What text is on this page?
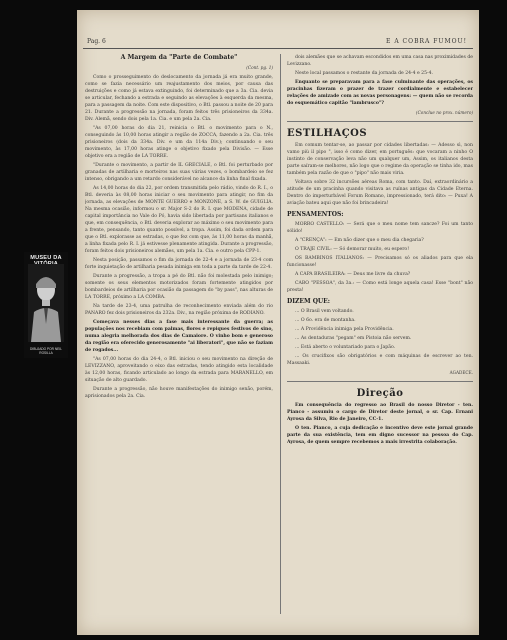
MUSEU DA
DIBUJADO POR NEIL ROSILLA
Pag. 6	E A COBRA FUMOU!
À Margem da "Parte de Combate"
(Cont. pg. 1)

Como o prosseguimento do deslocamento da jornada já era muito grande, como se fazia necessário um reajustamento dos meios, por causa das destruições e como já estava extinguindo, foi determinado que a 3a. Cia. devia se articular, fechando a estrada e seguindo as elevações à esquerda da mesma, para a passagem da noite. Com este dispositivo, o Btl. passou a noite de 20 para 21. Durante a progressão na jornada, foram feitos três prisioneiros da 334a. Div. Alemã, sendo dois pela 1a. Cia. e um pela 2a. Cia.

"As 07,00 horas do dia 21, reinicia o Btl. o movimento para o N., conseguindo às 10,00 horas atingir a região de ZOCCA, fazendo a 2a. Cia. três prisioneiros (dois da 334a. Div. e um da 114a Div.); continuando o seu movimento, às 17,00 horas atinge o objetivo fixado pela Divisão. — Esse objetivo era a região de LA TORRE.

"Durante o movimento, a partir de IL GRECIALE, o Btl. foi perturbado por granadas de artilharia e morteiros nas suas várias vezes, o bombardeio se fez intenso, obrigando a um retardo considerável no alcance da linha final fixada.

As 14,00 horas do dia 22, por ordem transmitida pelo rádio, vindo do R. I., o Btl. deveria às 08,00 horas iniciar o seu movimento para atingir, no fim da jornada, as elevações de MONTE GUERRO e MONZONE, a S. W. de GUIGLIA. Na mesma ocasião, informou o sr. Major S-2 do R. I. que MODENA, cidade de capital importância no Vale do Pó, havia sido libertada por partisans italianos e que, em consequência, o Btl. deveria explorar ao máximo o seu movimento para a frente, pensando, tanto quanto possível, a tropa. Assim, foi dada ordem para que o Btl. explorasse as estradas, o que fez com que, às 11,00 horas da manhã, a linha fixada pelo R. I. já estivesse plenamente atingida. Durante a progressão, foram feitos dois prisioneiros alemães, um pela 1a. Cia. e outro pela CPP-1.

Nesta posição, passamos o fim da jornada de 22-4 e a jornada de 23-4 com forte inquietação de artilharia pesada inimiga em toda a parte da tarde de 22-4.

Durante a progressão, a tropa a pé do Btl. não foi molestada pelo inimigo; somente os seus elementos motorizados foram fortemente atingidos por bombardeios de artilharia por ocasião da passagem do "by pass", nas alturas de LA TORRE, próximo a LA COMBA.

Na tarde de 23-4, uma patrulha de reconhecimento enviada além do rio PANARO fez dois prisioneiros da 232a. Div., na região próxima de RODIANO.

Começava nesses dias a fase mais interessante da guerra; as populações nos recebiam com palmas, flores e repiques festivos de sino, numa alegria melhorada dos dias de Camaiore. O vinho bom e generoso da região era oferecido generosamente "ai liberatori", que não se faziam de rogados...

"As 07,00 horas do dia 24-4, o Btl. iniciou o seu movimento na direção de LEVIZZANO, aproveitando o eixo das estradas, tendo atingido esta localidade às 12,00 horas, ficando articulado ao longo da estrada para MARANELLO, em situação de alto guardado.

Durante a progressão, não houve manifestações do inimigo senão, porém, aprisionados pela 2a. Cia.

dois alemães que se achavam escondidos em uma casa nas proximidades de Levizzano.

Neste local passamos o restante da jornada de 24-4 e 25-4.

Enquanto se preparavam para a fase culminante das operações, os pracinhas fizeram o prazer de trazer cordialmente e estabelecer relações de amizade com as novas personagens: — quem não se recorda do esquemático capitão "lambrusco"?

(Conclue no prox. número)
ESTILHAÇOS

Em comum tentar-se, ao passar por cidades libertadas: — Adesso sì, non vamo più il pipo ", isso é como dizer, em português: que vocaram a ninho O instinto de conservação leva não um qualquer um, Assim, os italianos desta parte saíram-se melhores, não logo que o regime da operação se tinha ido, mas também pela razão de que o "pipo" não mais viria.

Voltava sobre 32 incursões aéreas Roma, com tanto. Daí, extraordinário a atitude de um pracinha quando visitava as ruínas antigas da Cidade Eterna. Dentro do imperturbável Forum Romano, impressionado, terá dito: — Puxa! A aviação bateu aqui que não foi brincadeira!

PENSAMENTOS:

MORRO CASTELLO: — Será que o meu nome tem sancze? Foi um tanto sólido!

A "CRENÇA": — Em não dizer que o meu dia chegaria?

O TRAJE CIVIL: — Só demorar muito, eu espero!

OS BAMBINOS ITALIANOS: — Precisamos só os aliados para que ela funcionasse!

A CAPA BRASILEIRA: — Deus me livre da chuva?

CABO "PESSOA", da 3a.: — Como está longe aquela casa! Esse "bont" não presta!

DIZEM QUE:

... O Brasil vem voltando.

... O 6o. era de montanha.

... A Providência inimiga pela Providência.

... As dentaduras "pegam" em Pistoia não servem.

... Está aberto o voluntariado para o Japão.

... Os crucifixos são obrigatórios e com máquinas de escrever ao ten. Massaaki.

AGADECE.
Direção

Em consequência do regresso ao Brasil do nosso Diretor - ten. Pianco - assumiu o cargo de Diretor deste jornal, o sr. Cap. Ernani Ayrosa da Silva, Rio de Janeiro, CC-1.

O ten. Pianco, a cuja dedicação e incentivo deve este jornal grande parte da sua existência, tem em digno sucessor na pessoa do Cap. Ayrosa, de quem sempre recebemos a mais irrestrita colaboração.
